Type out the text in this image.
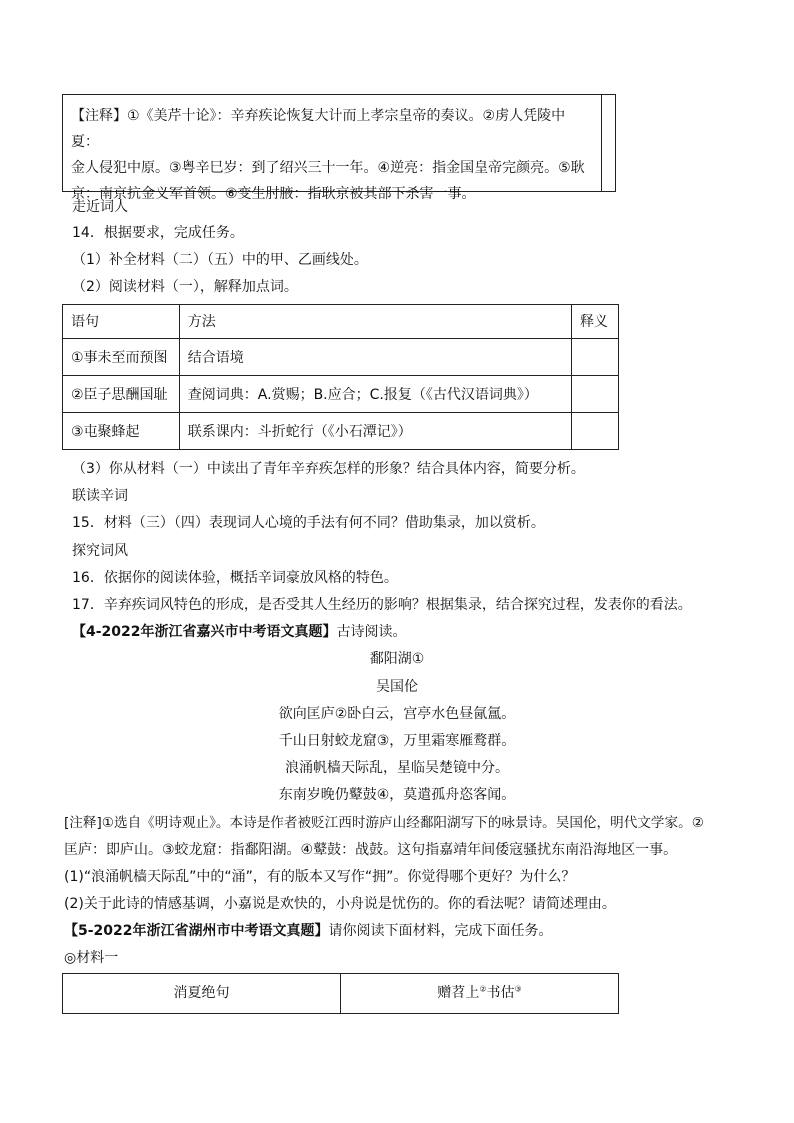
【注释】①《美芹十论》：辛弃疾论恢复大计而上孝宗皇帝的奏议。②虏人凭陵中夏：
金人侵犯中原。③粤辛巳岁：到了绍兴三十一年。④逆亮：指金国皇帝完颜亮。⑤耿
京：南京抗金义军首领。⑥变生肘腋：指耿京被其部下杀害一事。
走近词人
14．根据要求，完成任务。
（1）补全材料（二）（五）中的甲、乙画线处。
（2）阅读材料（一），解释加点词。
语句	方法	释义
①事未至而预图	结合语境	
②臣子思酬国耻	查阅词典：A.赏赐；B.应合；C.报复（《古代汉语词典》）	
③屯聚蜂起	联系课内：斗折蛇行（《小石潭记》）	
（3）你从材料（一）中读出了青年辛弃疾怎样的形象？结合具体内容，简要分析。
联读辛词
15．材料（三）（四）表现词人心境的手法有何不同？借助集录，加以赏析。
探究词风
16．依据你的阅读体验，概括辛词豪放风格的特色。
17．辛弃疾词风特色的形成，是否受其人生经历的影响？根据集录，结合探究过程，发表你的看法。
【4-2022年浙江省嘉兴市中考语文真题】古诗阅读。
鄱阳湖①
吴国伦
欲向匡庐②卧白云，宫亭水色昼氤氲。
千山日射蛟龙窟③，万里霜寒雁鹜群。
浪涌帆樯天际乱，星临吴楚镜中分。
东南岁晚仍鼙鼓④，莫遣孤舟恣客闻。
[注释]①选自《明诗观止》。本诗是作者被贬江西时游庐山经鄱阳湖写下的咏景诗。吴国伦，明代文学家。②
匡庐：即庐山。③蛟龙窟：指鄱阳湖。④鼙鼓：战鼓。这句指嘉靖年间倭寇骚扰东南沿海地区一事。
(1)“浪涌帆樯天际乱”中的“涌”，有的版本又写作“拥”。你觉得哪个更好？为什么？
(2)关于此诗的情感基调，小嘉说是欢快的，小舟说是忧伤的。你的看法呢？请简述理由。
【5-2022年浙江省湖州市中考语文真题】请你阅读下面材料，完成下面任务。
◎材料一
消夏绝句	赠苕上②书估③
